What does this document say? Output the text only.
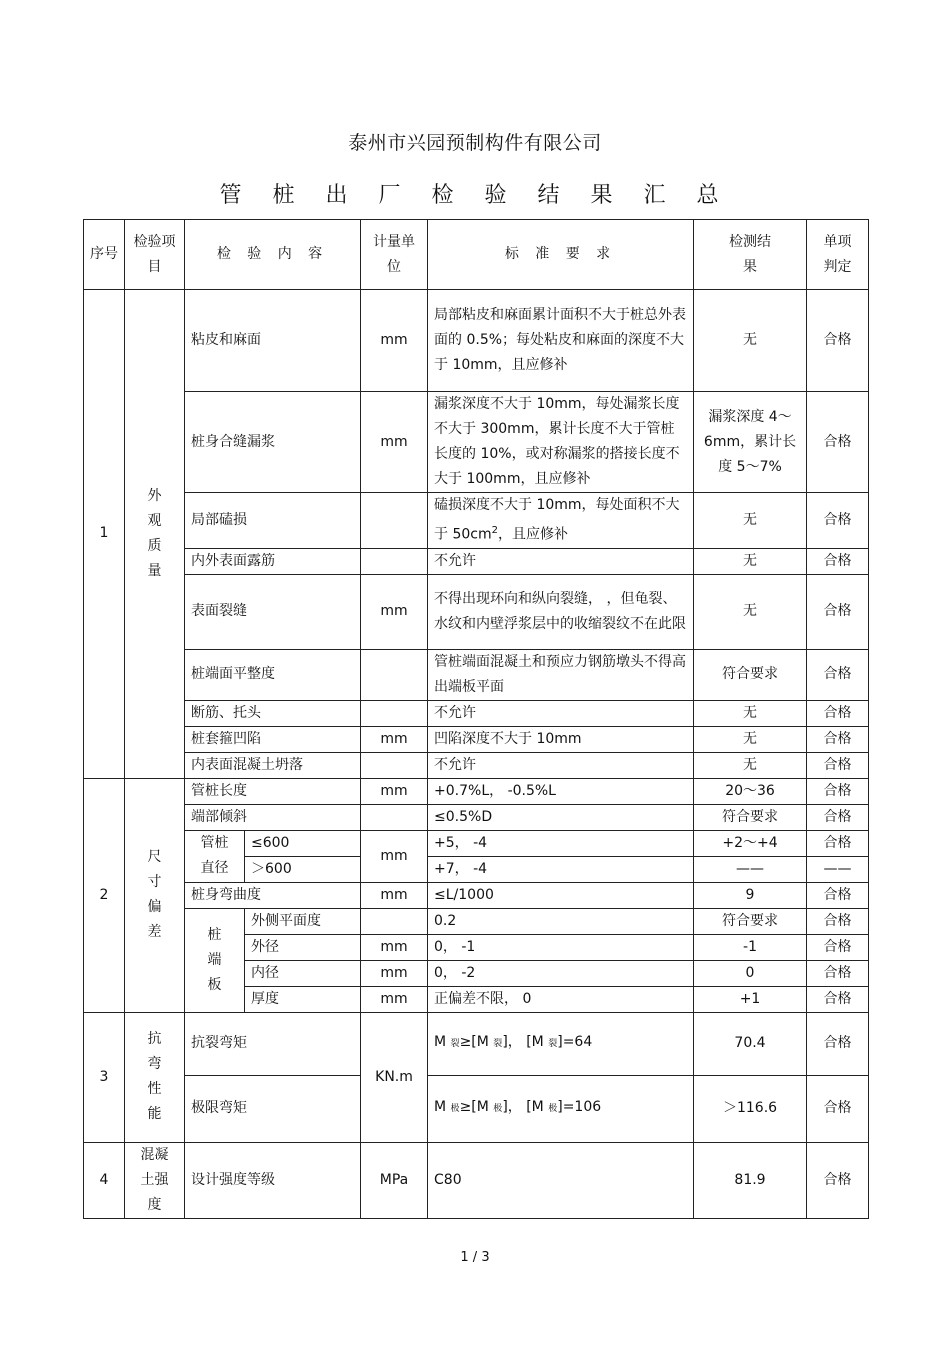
泰州市兴园预制构件有限公司
管 桩 出 厂 检 验 结 果 汇 总
序号	检验项目	检 验 内 容		计量单位	标 准 要 求	检测结果	单项判定
1	外观质量	粘皮和麻面		mm	局部粘皮和麻面累计面积不大于桩总外表面的 0.5%；每处粘皮和麻面的深度不大于 10mm，且应修补	无	合格
		桩身合缝漏浆		mm	漏浆深度不大于 10mm，每处漏浆长度不大于 300mm，累计长度不大于管桩长度的 10%，或对称漏浆的搭接长度不大于 100mm，且应修补	漏浆深度 4～6mm，累计长度 5～7%	合格
		局部磕损			磕损深度不大于 10mm，每处面积不大于 $50cm^2$，且应修补	无	合格
		内外表面露筋			不允许	无	合格
		表面裂缝		mm	不得出现环向和纵向裂缝， ，但龟裂、水纹和内壁浮浆层中的收缩裂纹不在此限	无	合格
		桩端面平整度			管桩端面混凝土和预应力钢筋墩头不得高出端板平面	符合要求	合格
		断筋、托头			不允许	无	合格
		桩套箍凹陷		mm	凹陷深度不大于 10mm	无	合格
		内表面混凝土坍落			不允许	无	合格
2	尺寸偏差	管桩长度		mm	+0.7%L， -0.5%L	20～36	合格
		端部倾斜			≤0.5%D	符合要求	合格
		管桩直径	≤600	mm	+5， -4	+2～+4	合格
			＞600		+7， -4	——	——
		桩身弯曲度		mm	≤L/1000	9	合格
		桩端板	外侧平面度		0.2	符合要求	合格
			外径	mm	0， -1	-1	合格
			内径	mm	0， -2	0	合格
			厚度	mm	正偏差不限， 0	+1	合格
3	抗弯性能	抗裂弯矩		KN.m	M 裂≥[M 裂]， [M 裂]=64	70.4	合格
		极限弯矩			M 极≥[M 极]， [M 极]=106	＞116.6	合格
4	混凝土强度	设计强度等级		MPa	C80	81.9	合格
1 / 3
